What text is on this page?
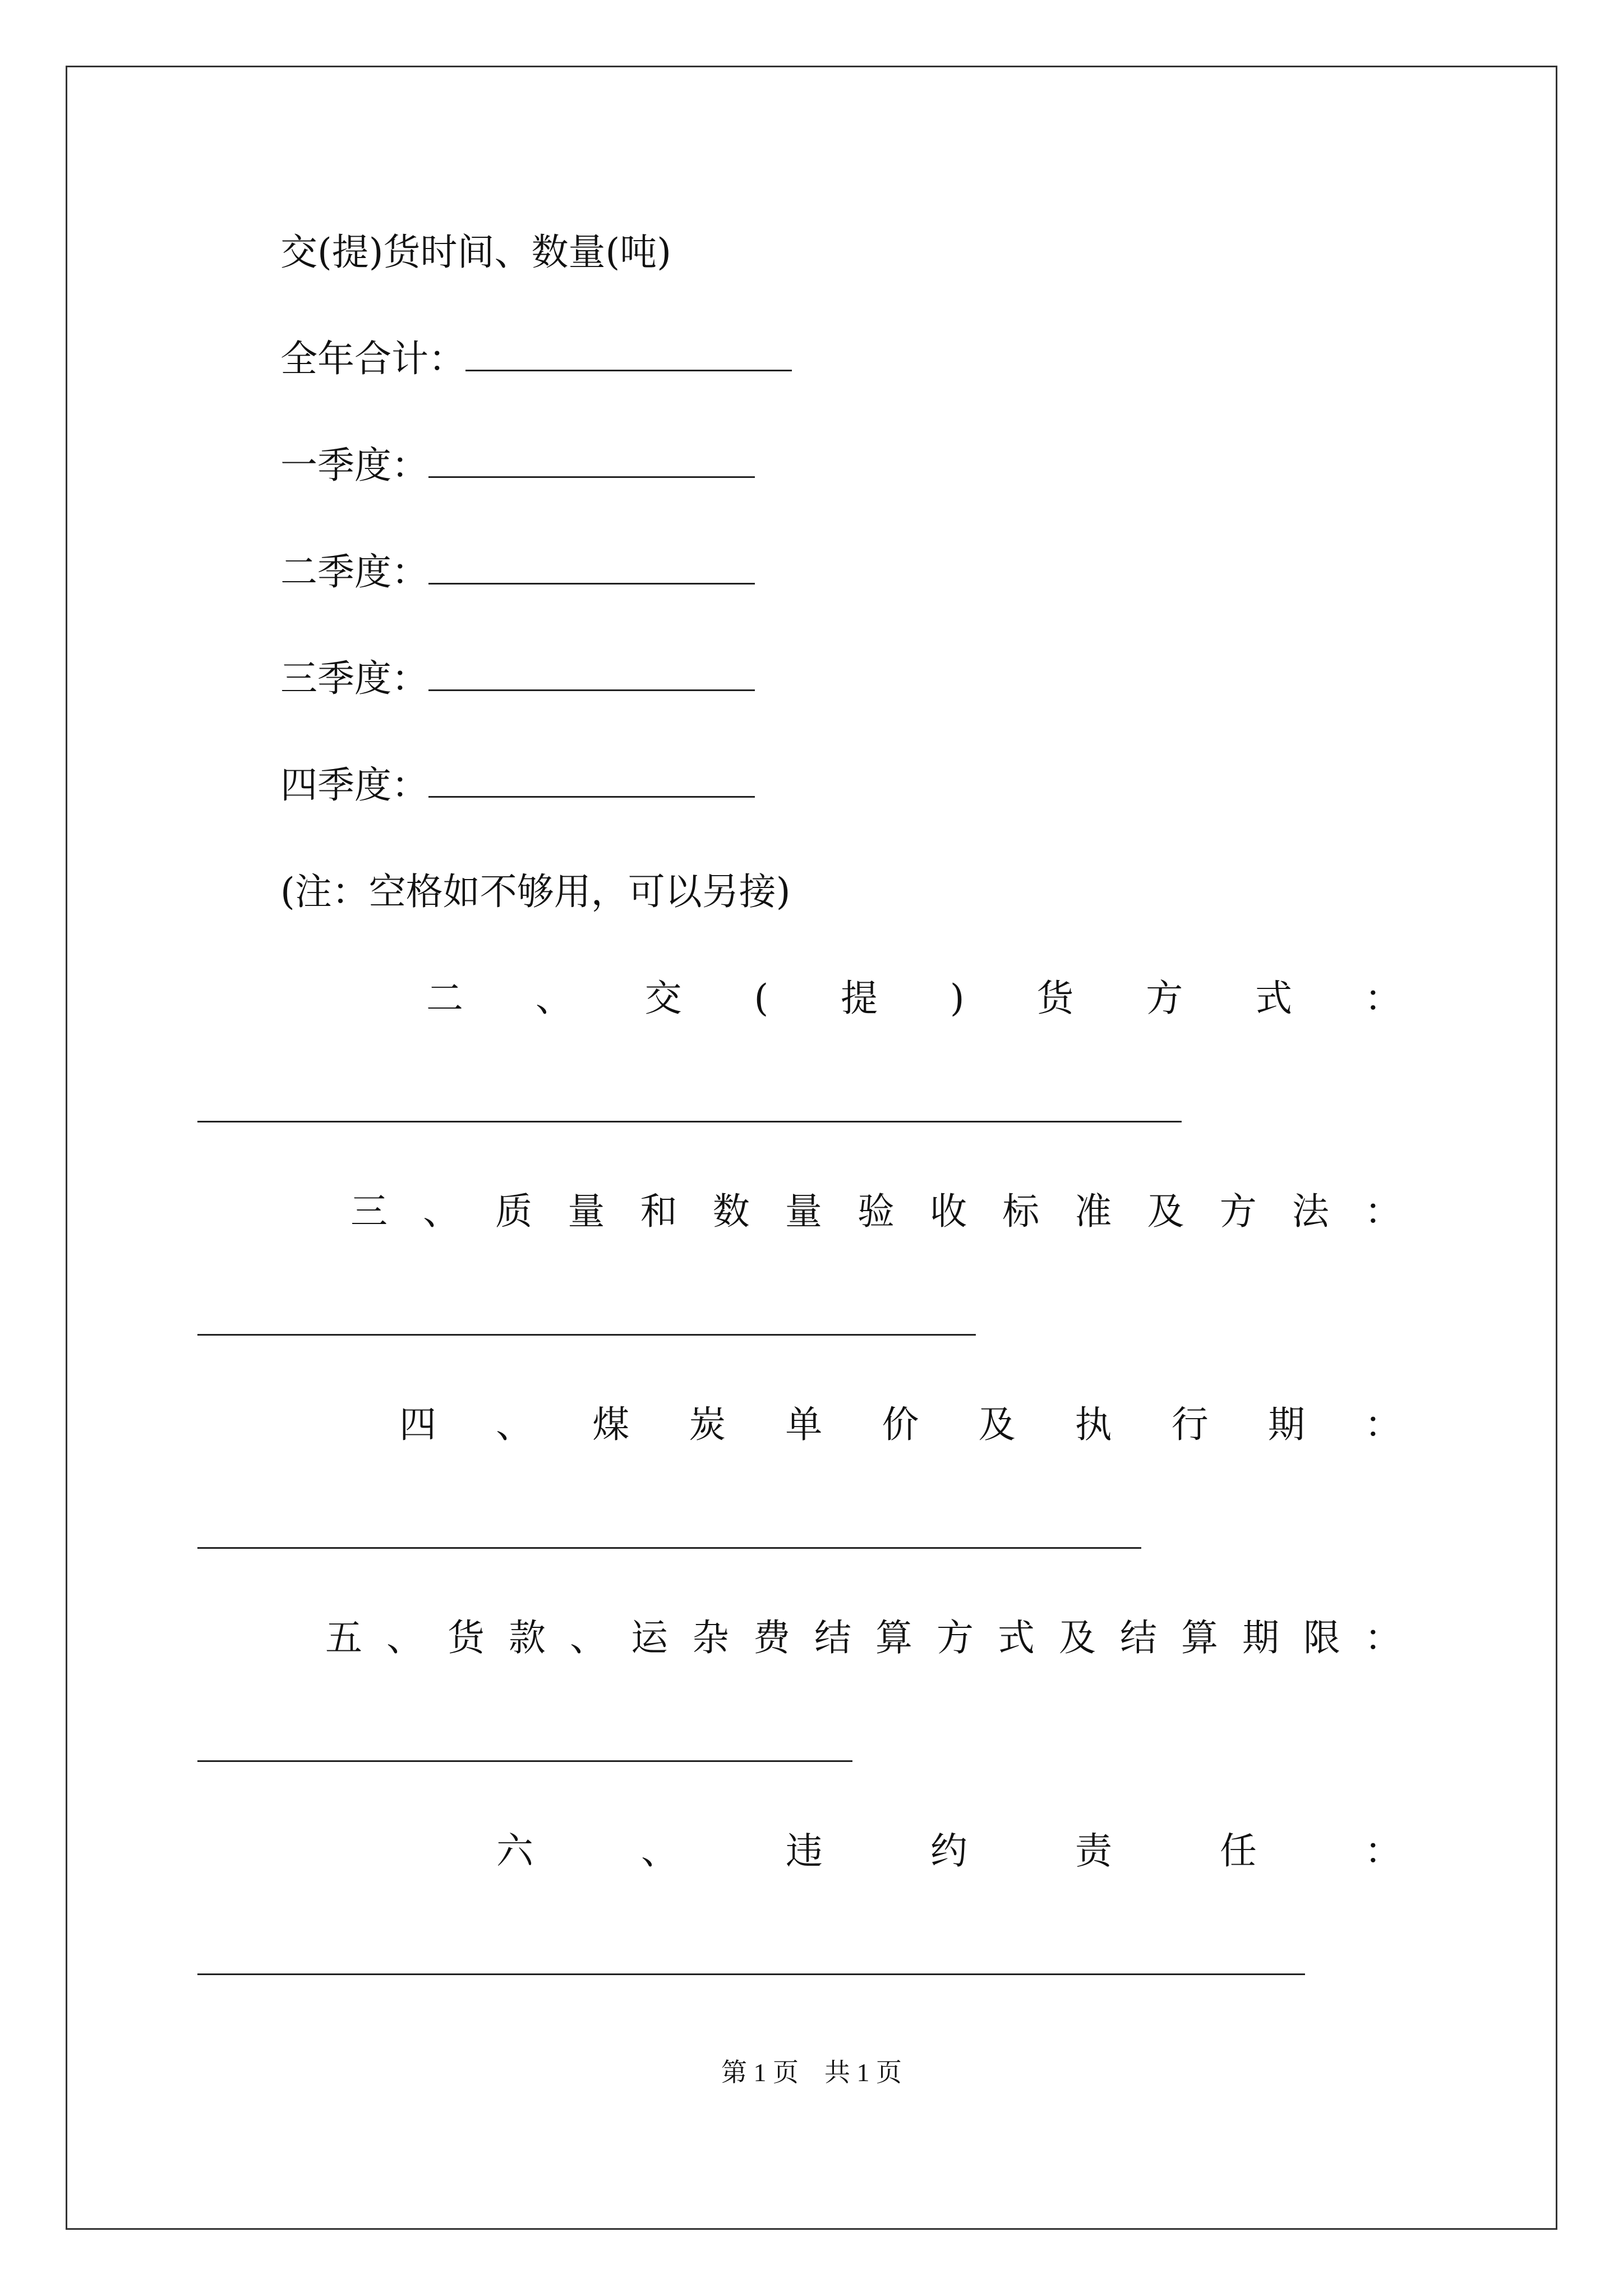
交(提)货时间、数量(吨)
全年合计：
一季度：
二季度：
三季度：
四季度：
(注：空格如不够用，可以另接)
二 、 交 ( 提 ) 货 方 式 ：
三 、 质 量 和 数 量 验 收 标 准 及 方 法 ：
四 、 煤 炭 单 价 及 执 行 期 ：
五 、 货 款 、 运 杂 费 结 算 方 式 及 结 算 期 限 ：
六	、	违	约	责	任	：
第 1 页　共 1 页
